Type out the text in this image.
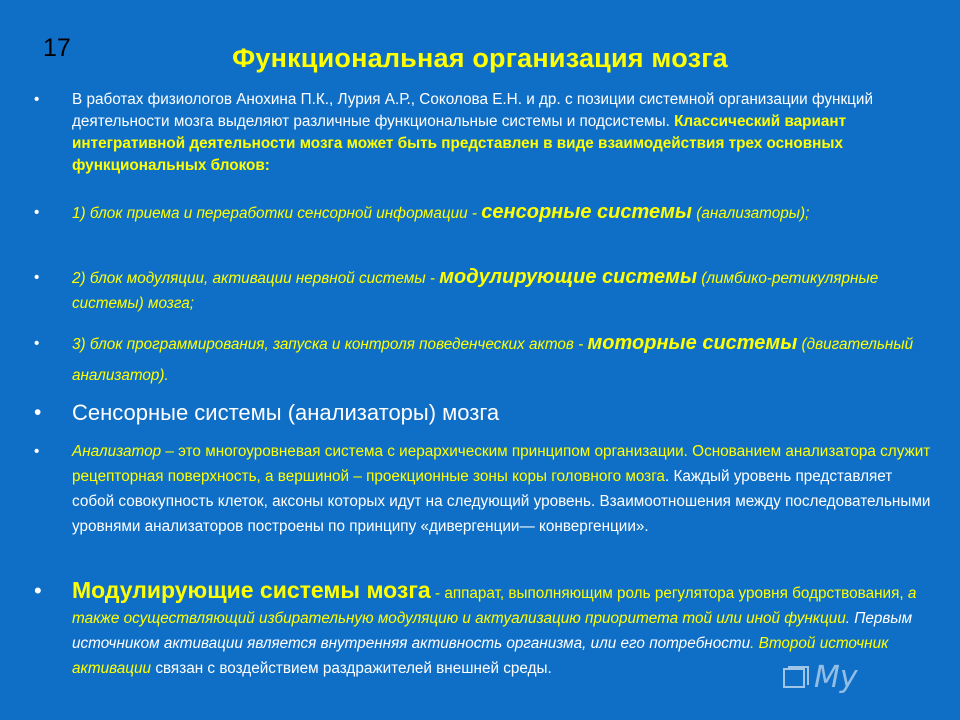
17	Функциональная организация мозга
• В работах физиологов Анохина П.К., Лурия А.Р., Соколова Е.Н. и др. с позиции системной организации функций деятельности мозга выделяют различные функциональные системы и подсистемы. Классический вариант интегративной деятельности мозга может быть представлен в виде взаимодействия трех основных функциональных блоков:
• 1) блок приема и переработки сенсорной информации - сенсорные системы (анализаторы);
• 2) блок модуляции, активации нервной системы - модулирующие системы (лимбико-ретикулярные системы) мозга;
• 3) блок программирования, запуска и контроля поведенческих актов - моторные системы (двигательный анализатор).
• Сенсорные системы (анализаторы) мозга
• Анализатор – это многоуровневая система с иерархическим принципом организации. Основанием анализатора служит рецепторная поверхность, а вершиной – проекционные зоны коры головного мозга. Каждый уровень представляет собой совокупность клеток, аксоны которых идут на следующий уровень. Взаимоотношения между последовательными уровнями анализаторов построены по принципу «дивергенции— конвергенции».
• Модулирующие системы мозга - аппарат, выполняющим роль регулятора уровня бодрствования, а также осуществляющий избирательную модуляцию и актуализацию приоритета той или иной функции. Первым источником активации является внутренняя активность организма, или его потребности. Второй источник активации связан с воздействием раздражителей внешней среды.	My
